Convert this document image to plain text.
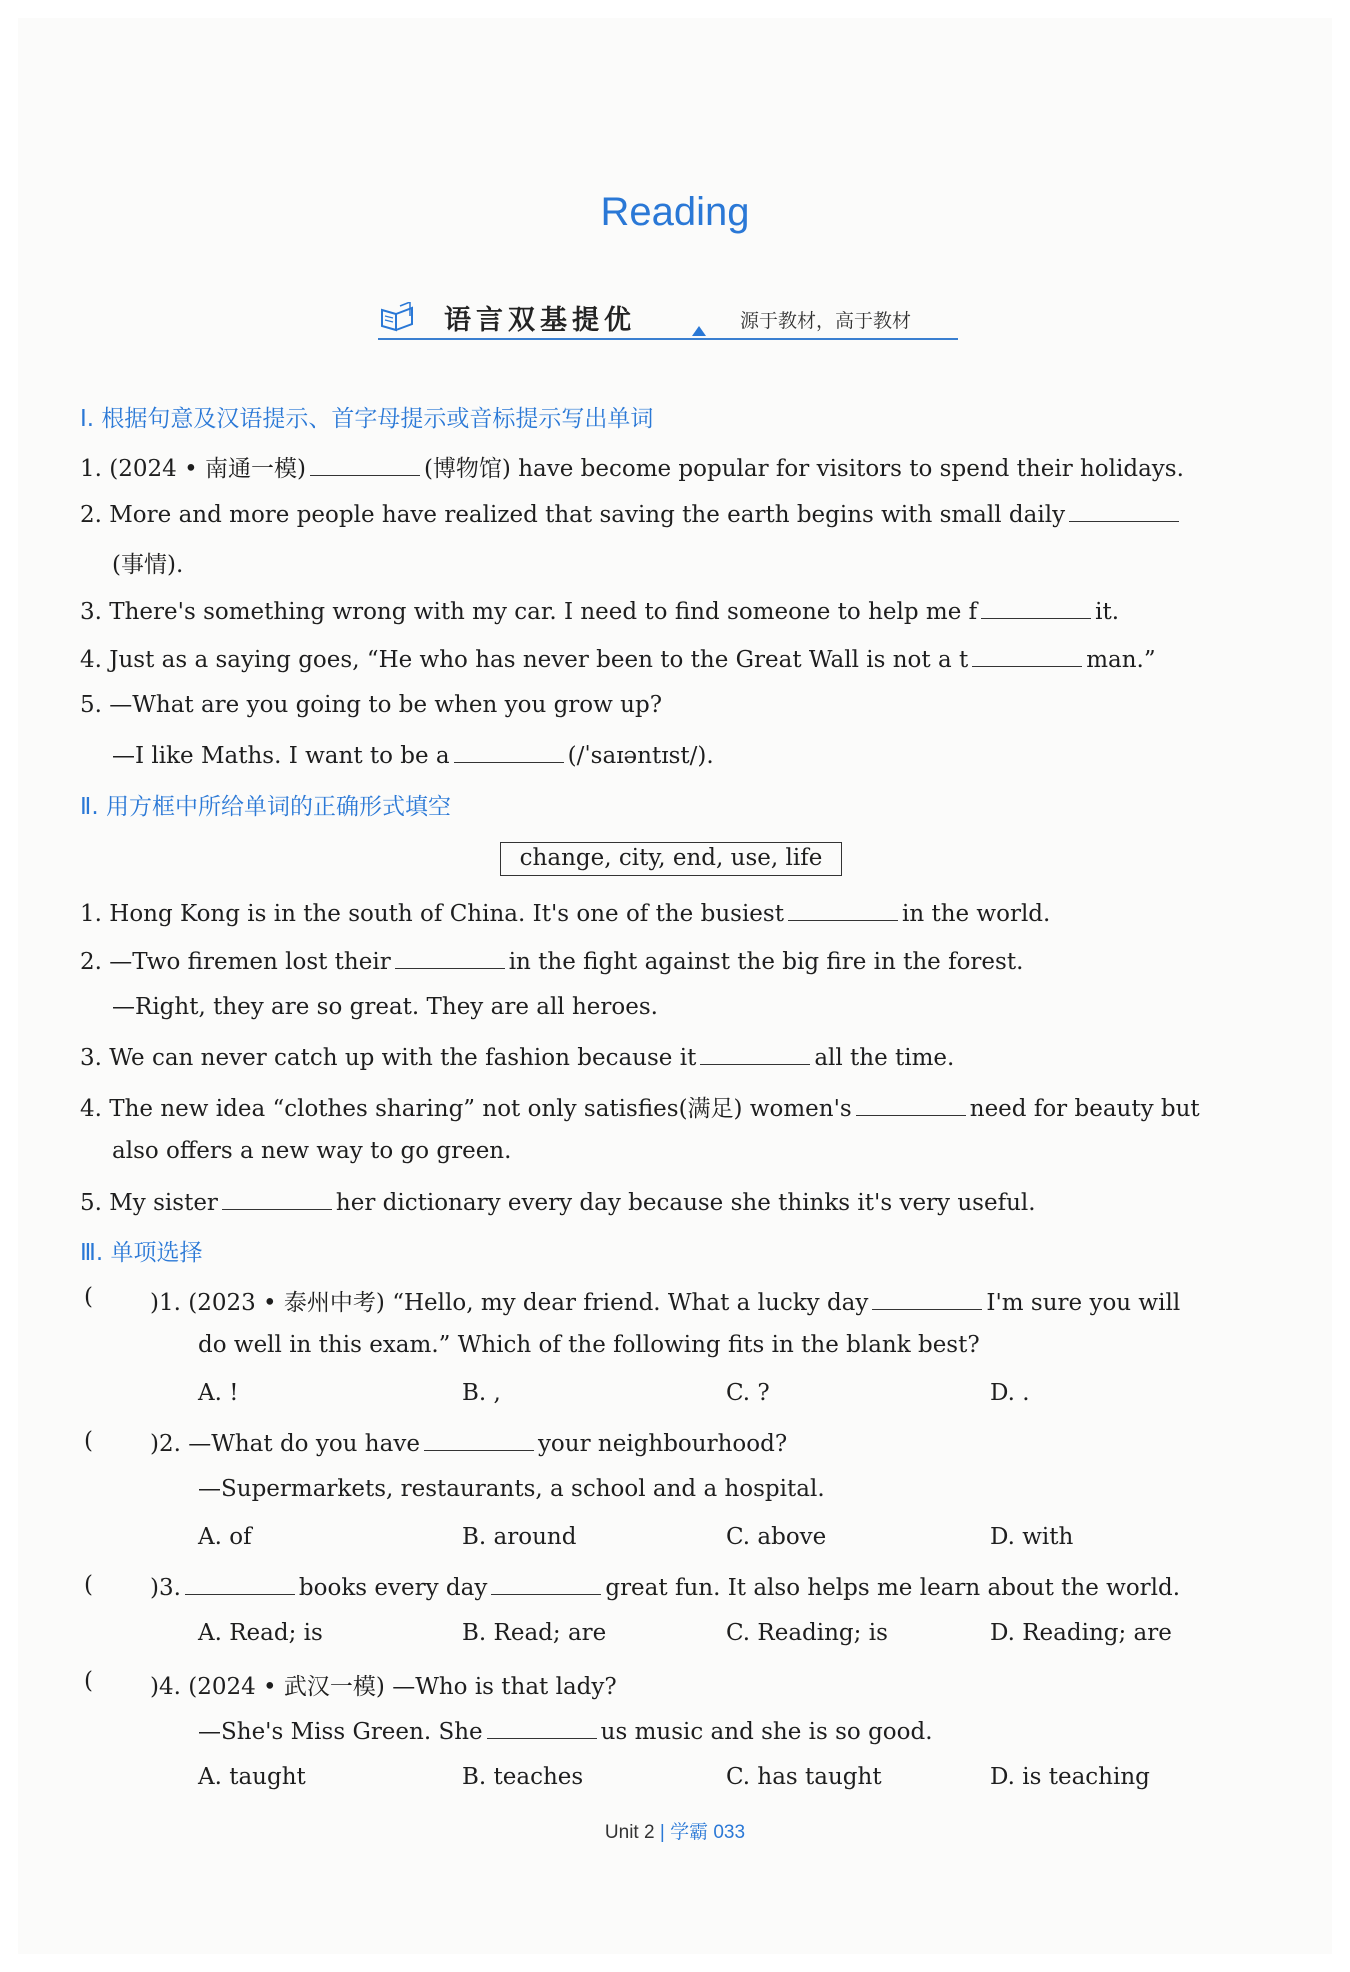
Reading
语言双基提优	源于教材，高于教材
Ⅰ. 根据句意及汉语提示、首字母提示或音标提示写出单词
1. (2024 • 南通一模)	(博物馆) have become popular for visitors to spend their holidays.
2. More and more people have realized that saving the earth begins with small daily
(事情).
3. There's something wrong with my car. I need to find someone to help me f	it.
4. Just as a saying goes, “He who has never been to the Great Wall is not a t	man.”
5. —What are you going to be when you grow up?
—I like Maths. I want to be a	(/ˈsaɪəntɪst/).
Ⅱ. 用方框中所给单词的正确形式填空
change, city, end, use, life
1. Hong Kong is in the south of China. It's one of the busiest	in the world.
2. —Two firemen lost their	in the fight against the big fire in the forest.
—Right, they are so great. They are all heroes.
3. We can never catch up with the fashion because it	all the time.
4. The new idea “clothes sharing” not only satisfies(满足) women's	need for beauty but
also offers a new way to go green.
5. My sister	her dictionary every day because she thinks it's very useful.
Ⅲ. 单项选择
( )1. (2023 • 泰州中考) “Hello, my dear friend. What a lucky day	I'm sure you will
do well in this exam.” Which of the following fits in the blank best?
A. !	B. ,	C. ?	D. .
( )2. —What do you have	your neighbourhood?
—Supermarkets, restaurants, a school and a hospital.
A. of	B. around	C. above	D. with
( )3.	books every day	great fun. It also helps me learn about the world.
A. Read; is	B. Read; are	C. Reading; is	D. Reading; are
( )4. (2024 • 武汉一模) —Who is that lady?
—She's Miss Green. She	us music and she is so good.
A. taught	B. teaches	C. has taught	D. is teaching
Unit 2 | 学霸 033
